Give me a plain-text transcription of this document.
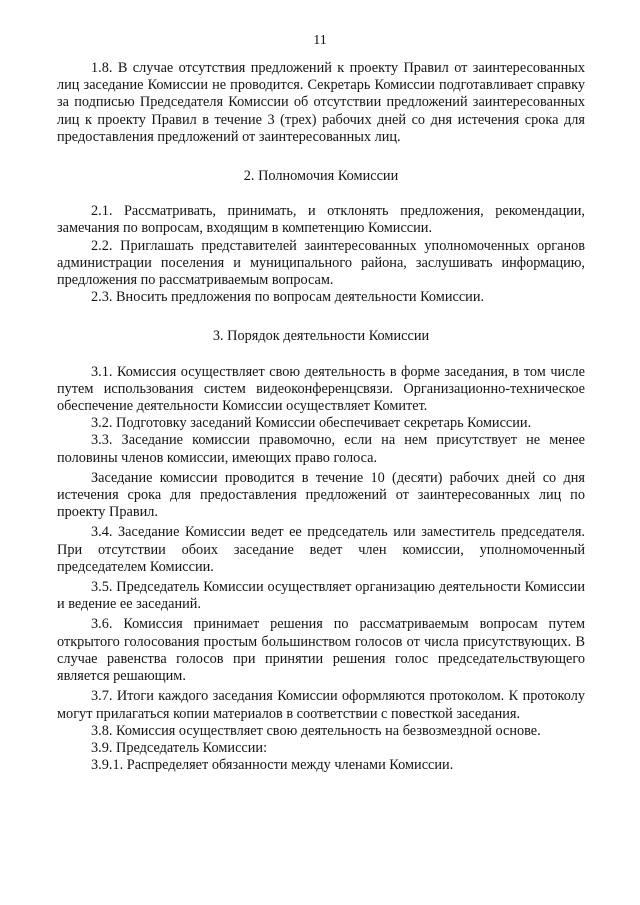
11

1.8. В случае отсутствия предложений к проекту Правил от заинтересованных лиц заседание Комиссии не проводится. Секретарь Комиссии подготавливает справку за подписью Председателя Комиссии об отсутствии предложений заинтересованных лиц к проекту Правил в течение 3 (трех) рабочих дней со дня истечения срока для предоставления предложений от заинтересованных лиц.

2. Полномочия Комиссии

2.1. Рассматривать, принимать, и отклонять предложения, рекомендации, замечания по вопросам, входящим в компетенцию Комиссии.

2.2. Приглашать представителей заинтересованных уполномоченных органов администрации поселения и муниципального района, заслушивать информацию, предложения по рассматриваемым вопросам.

2.3. Вносить предложения по вопросам деятельности Комиссии.

3. Порядок деятельности Комиссии

3.1. Комиссия осуществляет свою деятельность в форме заседания, в том числе путем использования систем видеоконференцсвязи. Организационно-техническое обеспечение деятельности Комиссии осуществляет Комитет.

3.2. Подготовку заседаний Комиссии обеспечивает секретарь Комиссии.

3.3. Заседание комиссии правомочно, если на нем присутствует не менее половины членов комиссии, имеющих право голоса.

Заседание комиссии проводится в течение 10 (десяти) рабочих дней со дня истечения срока для предоставления предложений от заинтересованных лиц по проекту Правил.

3.4. Заседание Комиссии ведет ее председатель или заместитель председателя. При отсутствии обоих заседание ведет член комиссии, уполномоченный председателем Комиссии.

3.5. Председатель Комиссии осуществляет организацию деятельности Комиссии и ведение ее заседаний.

3.6. Комиссия принимает решения по рассматриваемым вопросам путем открытого голосования простым большинством голосов от числа присутствующих. В случае равенства голосов при принятии решения голос председательствующего является решающим.

3.7. Итоги каждого заседания Комиссии оформляются протоколом. К протоколу могут прилагаться копии материалов в соответствии с повесткой заседания.

3.8. Комиссия осуществляет свою деятельность на безвозмездной основе.

3.9. Председатель Комиссии:

3.9.1. Распределяет обязанности между членами Комиссии.
